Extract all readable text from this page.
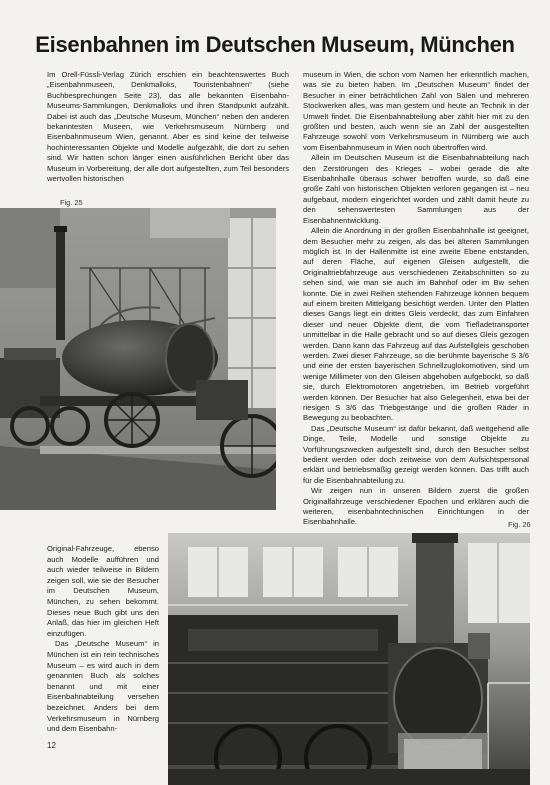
Eisenbahnen im Deutschen Museum, München

Im Orell-Füssli-Verlag Zürich erschien ein beachtenswertes Buch „Eisenbahnmuseen, Denkmalloks, Touristenbahnen“ (siehe Buchbesprechungen Seite 23), das alle bekannten Eisenbahn-Museums-Sammlungen, Denkmalloks und ihren Standpunkt aufzählt. Dabei ist auch das „Deutsche Museum, München“ neben den anderen bekanntesten Museen, wie Verkehrsmuseum Nürnberg und Eisenbahnmuseum Wien, genannt. Aber es sind keine der teilweise hochinteressanten Objekte und Modelle aufgezählt, die dort zu sehen sind. Wir hatten schon länger einen ausführlichen Bericht über das Museum in Vorbereitung, der alle dort aufgestellten, zum Teil besonders wertvollen historischen

museum in Wien, die schon vom Namen her erkenntlich machen, was sie zu bieten haben. Im „Deutschen Museum“ findet der Besucher in einer beträchtlichen Zahl von Sälen und mehreren Stockwerken alles, was man gestern und heute an Technik in der Umwelt findet. Die Eisenbahnabteilung aber zählt hier mit zu den größten und besten, auch wenn sie an Zahl der ausgestellten Fahrzeuge sowohl vom Verkehrsmuseum in Nürnberg wie auch vom Eisenbahnmuseum in Wien noch übertroffen wird.

Allein im Deutschen Museum ist die Eisenbahnabteilung nach den Zerstörungen des Krieges – wobei gerade die alte Eisenbahnhalle überaus schwer betroffen wurde, so daß eine große Zahl von historischen Objekten verloren gegangen ist – neu aufgebaut, modern eingerichtet worden und zählt damit heute zu den sehenswertesten Sammlungen aus der Eisenbahnentwicklung.

Allein die Anordnung in der großen Eisenbahnhalle ist geeignet, dem Besucher mehr zu zeigen, als das bei älteren Sammlungen möglich ist. In der Hallenmitte ist eine zweite Ebene entstanden, auf deren Fläche, auf eigenen Gleisen aufgestellt, die Originaltriebfahrzeuge aus verschiedenen Zeitabschnitten so zu sehen sind, wie man sie auch im Bahnhof oder im Bw sehen konnte. Die in zwei Reihen stehenden Fahrzeuge können bequem auf einem breiten Mittelgang besichtigt werden. Unter den Platten dieses Gangs liegt ein drittes Gleis verdeckt, das zum Einfahren dieser und neuer Objekte dient, die vom Tiefladetransporter unmittelbar in die Halle gebracht und so auf dieses Gleis gezogen werden. Dann kann das Fahrzeug auf das Aufstellgleis geschoben werden. Zwei dieser Fahrzeuge, so die berühmte bayerische S 3/6 und eine der ersten bayerischen Schnellzuglokomotiven, sind um wenige Millimeter von den Gleisen abgehoben aufgebockt, so daß sie, durch Elektromotoren angetrieben, im Betrieb vorgeführt werden können. Der Besucher hat also Gelegenheit, etwa bei der riesigen S 3/6 das Triebgestänge und die großen Räder in Bewegung zu beobachten.

Das „Deutsche Museum“ ist dafür bekannt, daß weitgehend alle Dinge, Teile, Modelle und sonstige Objekte zu Vorführungszwecken aufgestellt sind, durch den Besucher selbst bedient werden oder doch zeitweise von dem Aufsichtspersonal erklärt und betriebsmäßig gezeigt werden können. Das trifft auch für die Eisenbahnabteilung zu.

Wir zeigen nun in unseren Bildern zuerst die großen Originalfahrzeuge verschiedener Epochen und erklären auch die weiteren, eisenbahntechnischen Einrichtungen in der Eisenbahnhalle.

Fig. 25

Original-Fahrzeuge, ebenso auch Modelle aufführen und auch wieder teilweise in Bildern zeigen soll, wie sie der Besucher im Deutschen Museum, München, zu sehen bekommt. Dieses neue Buch gibt uns den Anlaß, das hier im gleichen Heft einzufügen.

Das „Deutsche Museum“ in München ist ein rein technisches Museum – es wird auch in dem genannten Buch als solches benannt und mit einer Eisenbahnabteilung versehen bezeichnet. Anders bei dem Verkehrsmuseum in Nürnberg und dem Eisenbahn-

Fig. 26
12
